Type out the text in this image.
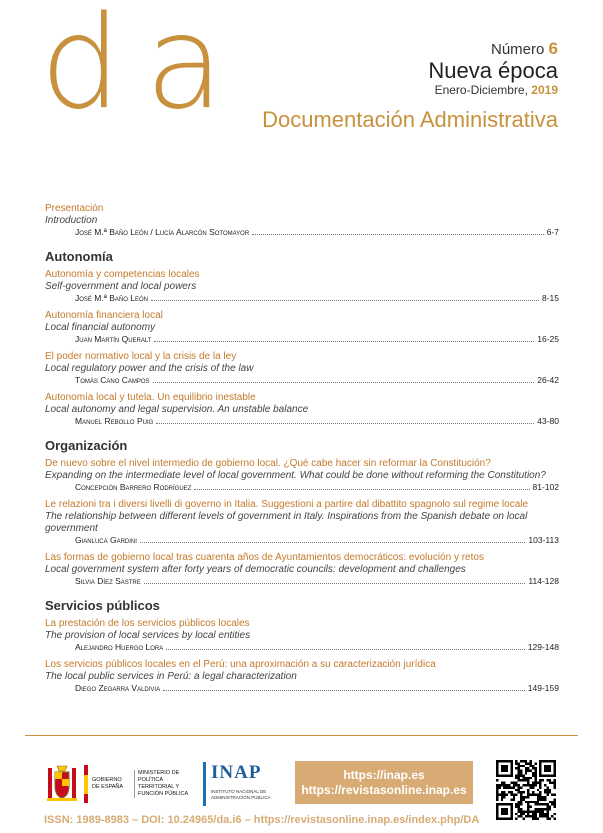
d a	Número 6
Nueva época
Enero-Diciembre, 2019
Documentación Administrativa
Presentación
Introduction
José M.ª Baño León / Lucía Alarcón Sotomayor	6-7
Autonomía
Autonomía y competencias locales
Self-government and local powers
José M.ª Baño León	8-15
Autonomía financiera local
Local financial autonomy
Juan Martín Queralt	16-25
El poder normativo local y la crisis de la ley
Local regulatory power and the crisis of the law
Tomás Cano Campos	26-42
Autonomía local y tutela. Un equilibrio inestable
Local autonomy and legal supervision. An unstable balance
Manuel Rebollo Puig	43-80
Organización
De nuevo sobre el nivel intermedio de gobierno local. ¿Qué cabe hacer sin reformar la Constitución?
Expanding on the intermediate level of local government. What could be done without reforming the Constitution?
Concepción Barrero Rodríguez	81-102
Le relazioni tra i diversi livelli di governo in Italia. Suggestioni a partire dal dibattito spagnolo sul regime locale
The relationship between different levels of government in Italy. Inspirations from the Spanish debate on local government
Gianluca Gardini	103-113
Las formas de gobierno local tras cuarenta años de Ayuntamientos democráticos: evolución y retos
Local government system after forty years of democratic councils: development and challenges
Silvia Díez Sastre	114-128
Servicios públicos
La prestación de los servicios públicos locales
The provision of local services by local entities
Alejandro Huergo Lora	129-148
Los servicios públicos locales en el Perú: una aproximación a su caracterización jurídica
The local public services in Perú: a legal characterization
Diego Zegarra Valdivia	149-159
GOBIERNO DE ESPAÑA
MINISTERIO DE POLÍTICA TERRITORIAL Y FUNCIÓN PÚBLICA
INAP
INSTITUTO NACIONAL DE ADMINISTRACIÓN PÚBLICA
https://inap.es
https://revistasonline.inap.es
ISSN: 1989-8983 – DOI: 10.24965/da.i6 – https://revistasonline.inap.es/index.php/DA
